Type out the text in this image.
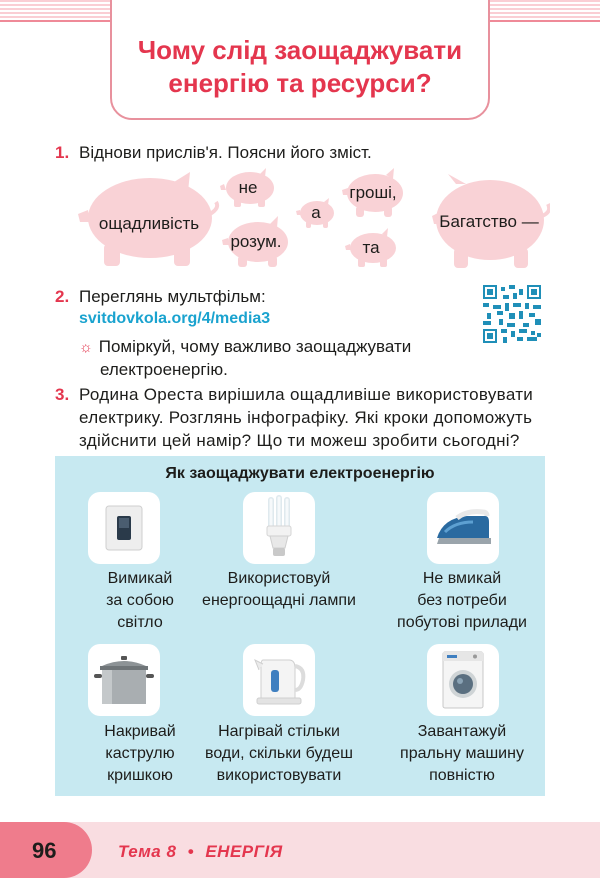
Чому слід заощаджувати
енергію та ресурси?
1. Віднови прислів'я. Поясни його зміст.
ощадливість
не
розум.
а
гроші,
та
Багатство —
2. Переглянь мультфільм:
svitdovkola.org/4/media3
☼ Поміркуй, чому важливо заощаджувати
електроенергію.
3. Родина Ореста вирішила ощадливіше використовувати
електрику. Розглянь інфографіку. Які кроки допоможуть
здійснити цей намір? Що ти можеш зробити сьогодні?
Як заощаджувати електроенергію
Вимикай
за собою
світло
Використовуй
енергоощадні лампи
Не вмикай
без потреби
побутові прилади
Накривай
каструлю
кришкою
Нагрівай стільки
води, скільки будеш
використовувати
Завантажуй
пральну машину
повністю
96	Тема 8 • ЕНЕРГІЯ
